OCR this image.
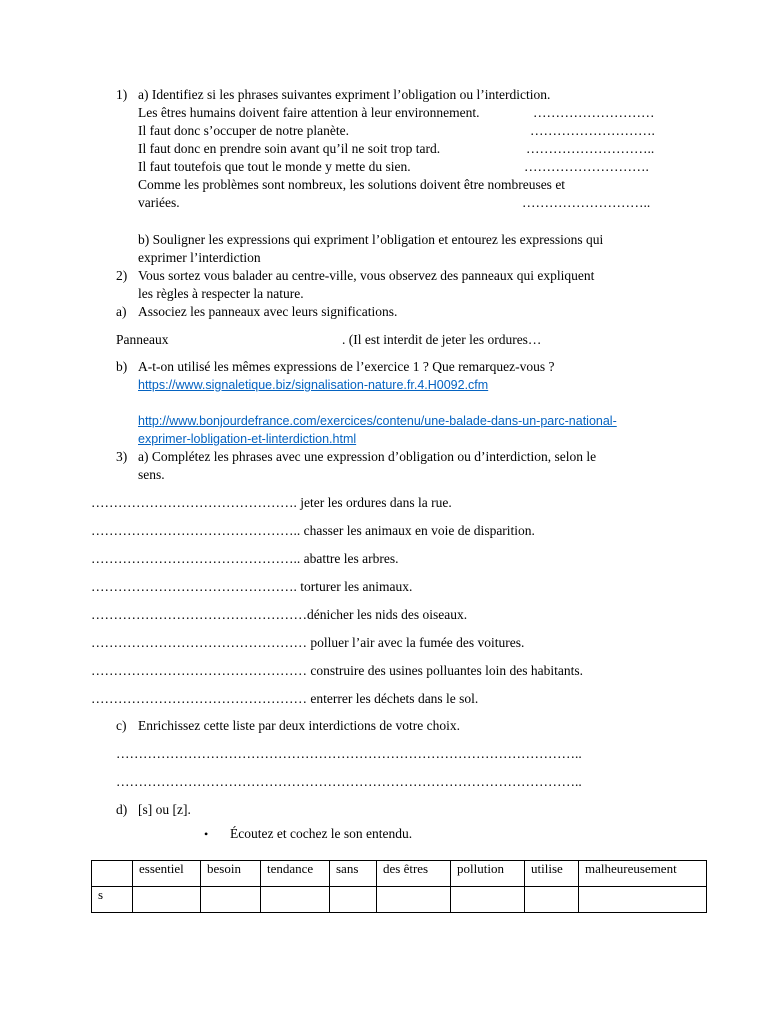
1) a) Identifiez si les phrases suivantes expriment l’obligation ou l’interdiction.
Les êtres humains doivent faire attention à leur environnement.	………………………
Il faut donc s’occuper de notre planète.	……………………….
Il faut donc en prendre soin avant qu’il ne soit trop tard.	………………………..
Il faut toutefois que tout le monde y mette du sien.	……………………….
Comme les problèmes sont nombreux, les solutions doivent être nombreuses et
variées.	………………………..
b) Souligner les expressions qui expriment l’obligation et entourez les expressions qui
exprimer l’interdiction
2) Vous sortez vous balader au centre-ville, vous observez des panneaux qui expliquent
les règles à respecter la nature.
a) Associez les panneaux avec leurs significations.
Panneaux	. (Il est interdit de jeter les ordures…
b) A-t-on utilisé les mêmes expressions de l’exercice 1 ? Que remarquez-vous ?
https://www.signaletique.biz/signalisation-nature.fr.4.H0092.cfm
http://www.bonjourdefrance.com/exercices/contenu/une-balade-dans-un-parc-national-
exprimer-lobligation-et-linterdiction.html
3) a) Complétez les phrases avec une expression d’obligation ou d’interdiction, selon le
sens.
………………………………………. jeter les ordures dans la rue.
……………………………………….. chasser les animaux en voie de disparition.
……………………………………….. abattre les arbres.
………………………………………. torturer les animaux.
…………………………………………dénicher les nids des oiseaux.
………………………………………… polluer l’air avec la fumée des voitures.
………………………………………… construire des usines polluantes loin des habitants.
………………………………………… enterrer les déchets dans le sol.
c) Enrichissez cette liste par deux interdictions de votre choix.
…………………………………………………………………………………………..
…………………………………………………………………………………………..
d) [s] ou [z].
• Écoutez et cochez le son entendu.
	essentiel	besoin	tendance	sans	des êtres	pollution	utilise	malheureusement
s								
